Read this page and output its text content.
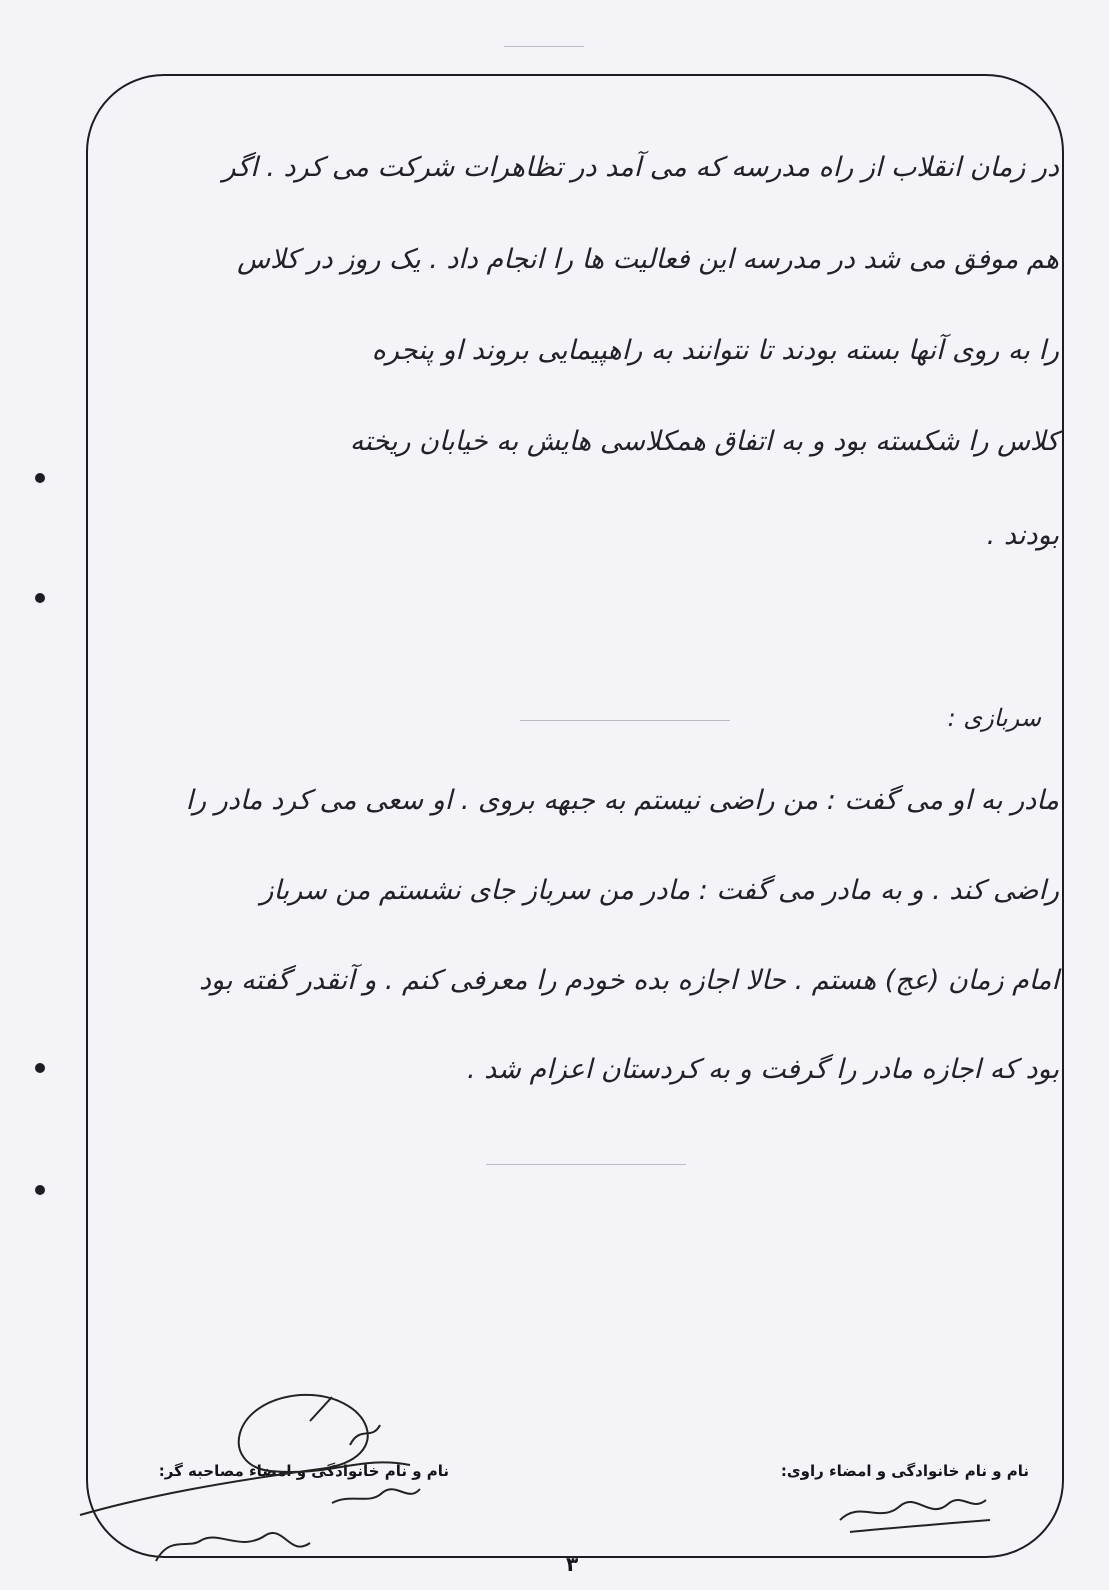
در زمان انقلاب از راه مدرسه که می آمد در تظاهرات شرکت می کرد . اگر
هم موفق می شد در مدرسه این فعالیت ها را انجام داد . یک روز در کلاس
را به روی آنها بسته بودند تا نتوانند به راهپیمایی بروند او پنجره
کلاس را شکسته بود و به اتفاق همکلاسی هایش به خیابان ریخته
بودند .
سربازی :
مادر به او می گفت : من راضی نیستم به جبهه بروی . او سعی می کرد مادر را
راضی کند . و به مادر می گفت : مادر من سرباز جای نشستم من سرباز
امام زمان (عج) هستم . حالا اجازه بده خودم را معرفی کنم . و آنقدر گفته بود
بود که اجازه مادر را گرفت و به کردستان اعزام شد .
نام و نام خانوادگی و امضاء مصاحبه گر:	نام و نام خانوادگی و امضاء راوی:
۳
